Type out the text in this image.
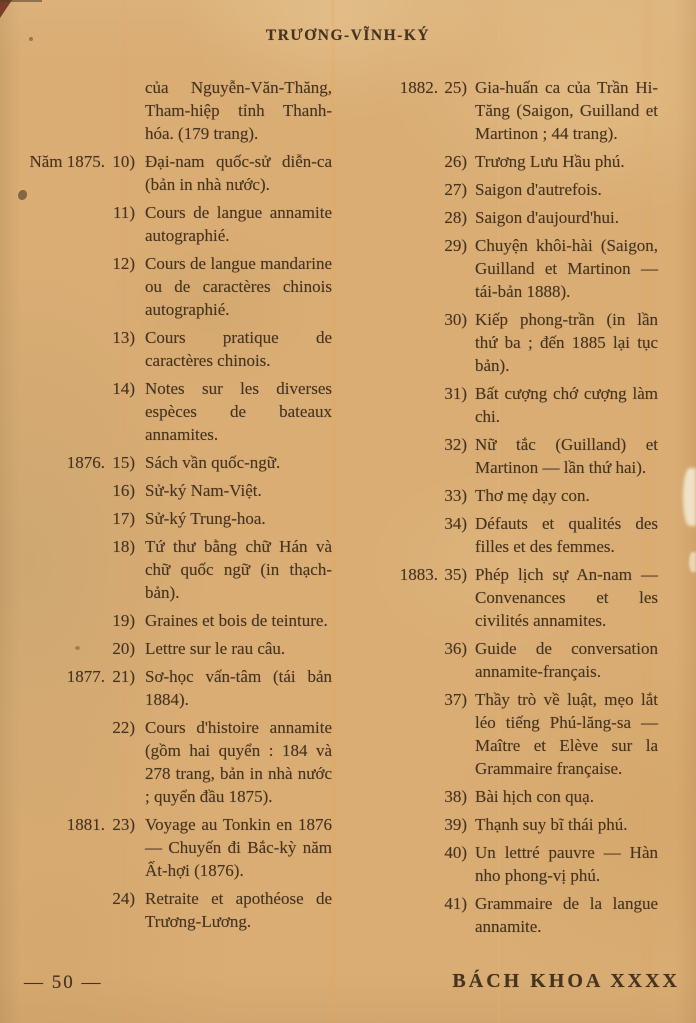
TRƯƠNG-VĨNH-KÝ
của Nguyễn-Văn-Thăng, Tham-hiệp tỉnh Thanh-hóa. (179 trang).
Năm 1875. 10) Đại-nam quốc-sử diễn-ca (bản in nhà nước).
11) Cours de langue annamite autographié.
12) Cours de langue mandarine ou de caractères chinois autographié.
13) Cours pratique de caractères chinois.
14) Notes sur les diverses espèces de bateaux annamites.
1876. 15) Sách vần quốc-ngữ.
16) Sử-ký Nam-Việt.
17) Sử-ký Trung-hoa.
18) Tứ thư bằng chữ Hán và chữ quốc ngữ (in thạch-bản).
19) Graines et bois de teinture.
20) Lettre sur le rau câu.
1877. 21) Sơ-học vấn-tâm (tái bản 1884).
22) Cours d'histoire annamite (gồm hai quyển : 184 và 278 trang, bản in nhà nước ; quyển đầu 1875).
1881. 23) Voyage au Tonkin en 1876 — Chuyến đi Bắc-kỳ năm Ất-hợi (1876).
24) Retraite et apothéose de Trương-Lương.
1882. 25) Gia-huấn ca của Trần Hi-Tăng (Saigon, Guilland et Martinon ; 44 trang).
26) Trương Lưu Hầu phú.
27) Saigon d'autrefois.
28) Saigon d'aujourd'hui.
29) Chuyện khôi-hài (Saigon, Guilland et Martinon — tái-bản 1888).
30) Kiếp phong-trần (in lần thứ ba ; đến 1885 lại tục bản).
31) Bất cượng chớ cượng làm chi.
32) Nữ tắc (Guilland) et Martinon — lần thứ hai).
33) Thơ mẹ dạy con.
34) Défauts et qualités des filles et des femmes.
1883. 35) Phép lịch sự An-nam — Convenances et les civilités annamites.
36) Guide de conversation annamite-français.
37) Thầy trò về luật, mẹo lắt léo tiếng Phú-lăng-sa — Maître et Elève sur la Grammaire française.
38) Bài hịch con quạ.
39) Thạnh suy bĩ thái phú.
40) Un lettré pauvre — Hàn nho phong-vị phú.
41) Grammaire de la langue annamite.
— 50 —	BÁCH KHOA XXXX
